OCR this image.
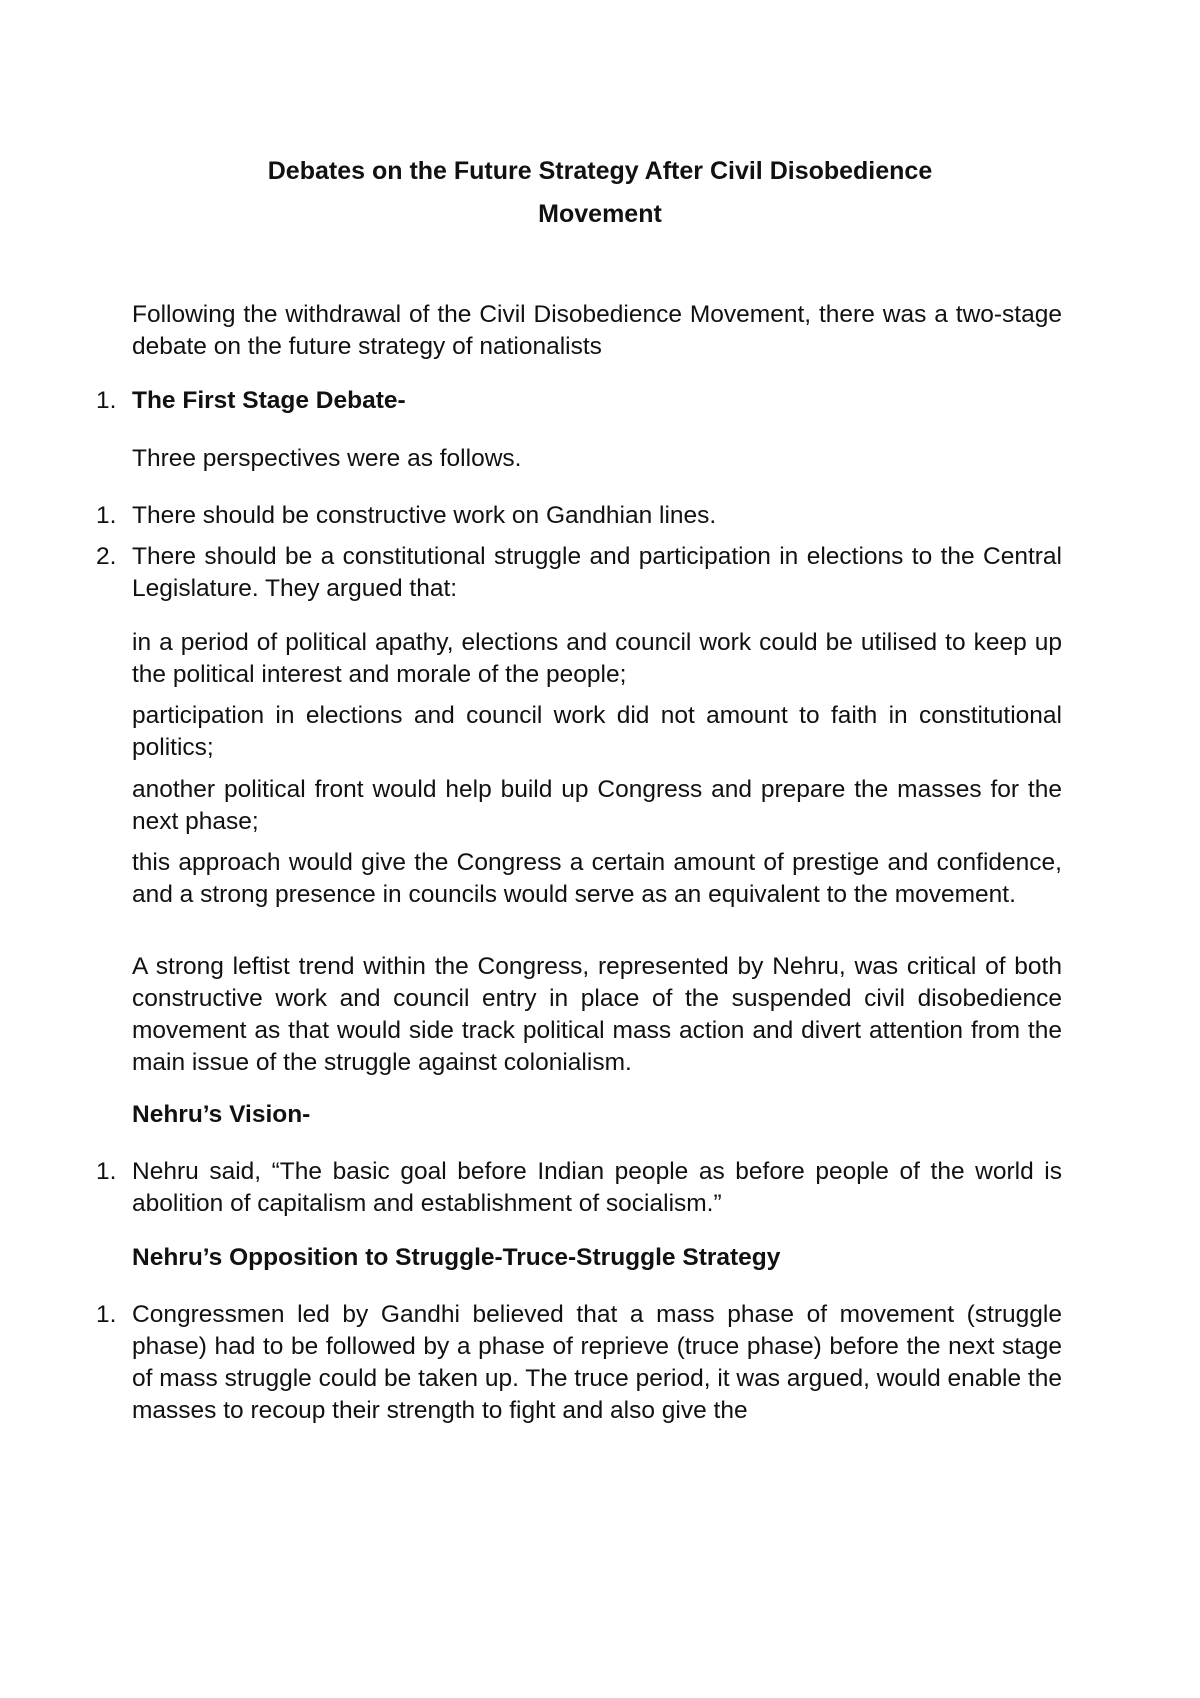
Debates on the Future Strategy After Civil Disobedience
Movement
Following the withdrawal of the Civil Disobedience Movement, there was a two-stage debate on the future strategy of nationalists
1. The First Stage Debate-
Three perspectives were as follows.
1. There should be constructive work on Gandhian lines.
2. There should be a constitutional struggle and participation in elections to the Central Legislature. They argued that:
in a period of political apathy, elections and council work could be utilised to keep up the political interest and morale of the people;
participation in elections and council work did not amount to faith in constitutional politics;
another political front would help build up Congress and prepare the masses for the next phase;
this approach would give the Congress a certain amount of prestige and confidence, and a strong presence in councils would serve as an equivalent to the movement.
A strong leftist trend within the Congress, represented by Nehru, was critical of both constructive work and council entry in place of the suspended civil disobedience movement as that would side track political mass action and divert attention from the main issue of the struggle against colonialism.
Nehru’s Vision-
1. Nehru said, “The basic goal before Indian people as before people of the world is abolition of capitalism and establishment of socialism.”
Nehru’s Opposition to Struggle-Truce-Struggle Strategy
1. Congressmen led by Gandhi believed that a mass phase of movement (struggle phase) had to be followed by a phase of reprieve (truce phase) before the next stage of mass struggle could be taken up. The truce period, it was argued, would enable the masses to recoup their strength to fight and also give the
